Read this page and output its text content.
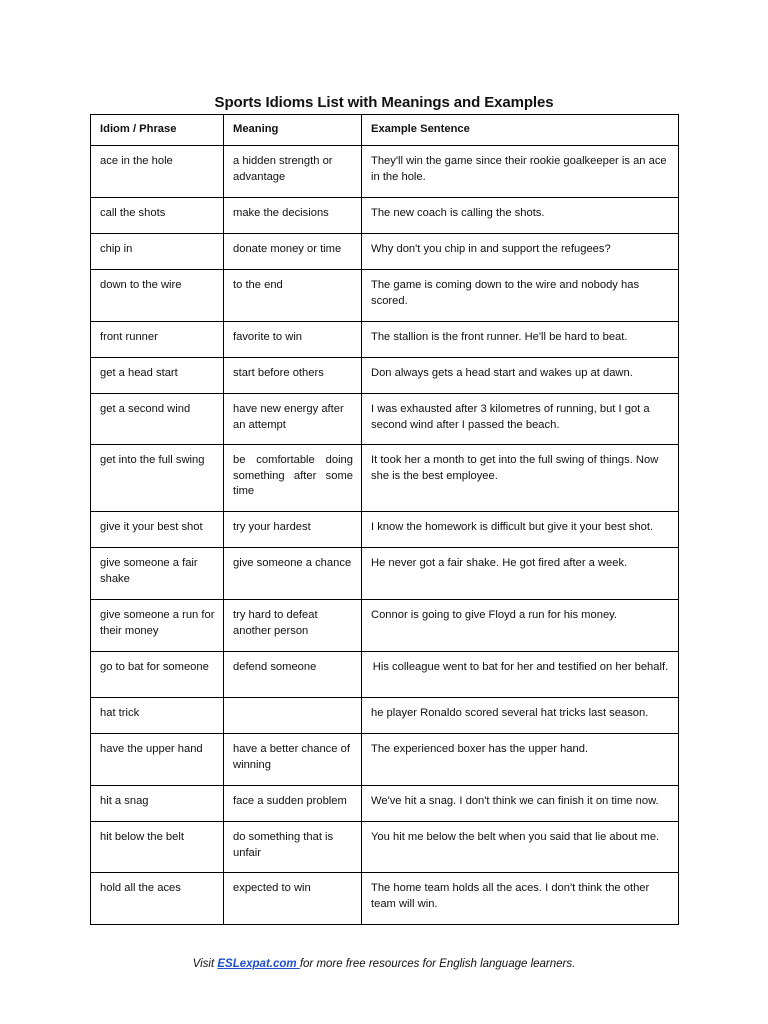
Sports Idioms List with Meanings and Examples
Idiom / Phrase	Meaning	Example Sentence
ace in the hole	a hidden strength or advantage	They'll win the game since their rookie goalkeeper is an ace in the hole.
call the shots	make the decisions	The new coach is calling the shots.
chip in	donate money or time	Why don't you chip in and support the refugees?
down to the wire	to the end	The game is coming down to the wire and nobody has scored.
front runner	favorite to win	The stallion is the front runner. He'll be hard to beat.
get a head start	start before others	Don always gets a head start and wakes up at dawn.
get a second wind	have new energy after an attempt	I was exhausted after 3 kilometres of running, but I got a second wind after I passed the beach.
get into the full swing	be comfortable doing something after some time	It took her a month to get into the full swing of things. Now she is the best employee.
give it your best shot	try your hardest	I know the homework is difficult but give it your best shot.
give someone a fair shake	give someone a chance	He never got a fair shake. He got fired after a week.
give someone a run for their money	try hard to defeat another person	Connor is going to give Floyd a run for his money.
go to bat for someone	defend someone	His colleague went to bat for her and testified on her behalf.
hat trick		he player Ronaldo scored several hat tricks last season.
have the upper hand	have a better chance of winning	The experienced boxer has the upper hand.
hit a snag	face a sudden problem	We've hit a snag. I don't think we can finish it on time now.
hit below the belt	do something that is unfair	You hit me below the belt when you said that lie about me.
hold all the aces	expected to win	The home team holds all the aces. I don't think the other team will win.
Visit ESLexpat.com for more free resources for English language learners.
